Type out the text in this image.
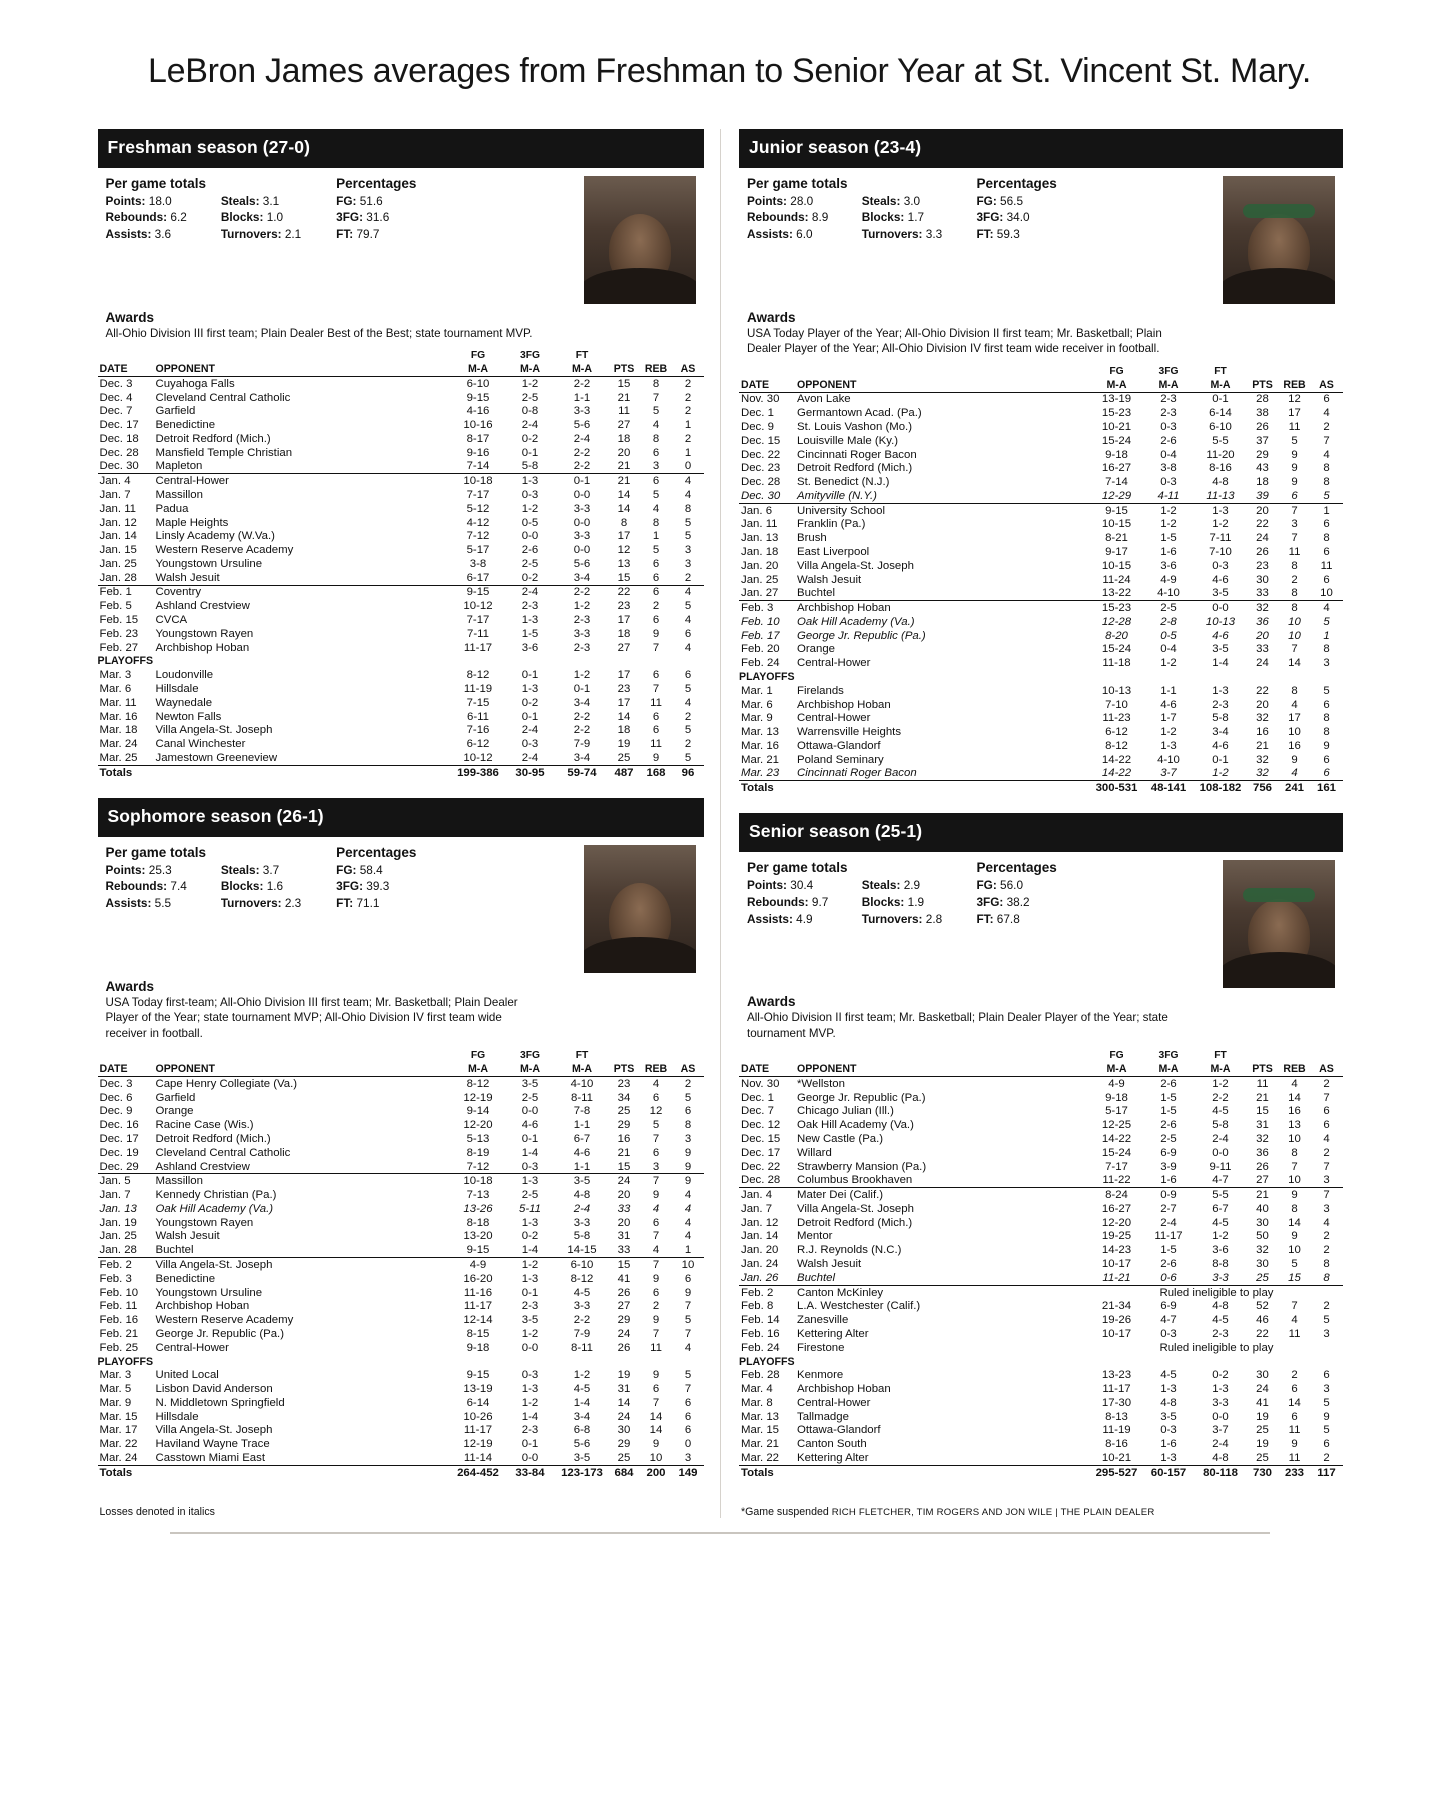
LeBron James averages from Freshman to Senior Year at St. Vincent St. Mary.
Freshman season (27-0)
Per game totals
Points: 18.0
Rebounds: 6.2
Assists: 3.6
Steals: 3.1
Blocks: 1.0
Turnovers: 2.1
Percentages
FG: 51.6
3FG: 31.6
FT: 79.7
Awards

All-Ohio Division III first team; Plain Dealer Best of the Best; state tournament MVP.

		FG	3FG	FT			
DATE	OPPONENT	M-A	M-A	M-A	PTS	REB	AS
Dec. 3	Cuyahoga Falls	6-10	1-2	2-2	15	8	2
Dec. 4	Cleveland Central Catholic	9-15	2-5	1-1	21	7	2
Dec. 7	Garfield	4-16	0-8	3-3	11	5	2
Dec. 17	Benedictine	10-16	2-4	5-6	27	4	1
Dec. 18	Detroit Redford (Mich.)	8-17	0-2	2-4	18	8	2
Dec. 28	Mansfield Temple Christian	9-16	0-1	2-2	20	6	1
Dec. 30	Mapleton	7-14	5-8	2-2	21	3	0
Jan. 4	Central-Hower	10-18	1-3	0-1	21	6	4
Jan. 7	Massillon	7-17	0-3	0-0	14	5	4
Jan. 11	Padua	5-12	1-2	3-3	14	4	8
Jan. 12	Maple Heights	4-12	0-5	0-0	8	8	5
Jan. 14	Linsly Academy (W.Va.)	7-12	0-0	3-3	17	1	5
Jan. 15	Western Reserve Academy	5-17	2-6	0-0	12	5	3
Jan. 25	Youngstown Ursuline	3-8	2-5	5-6	13	6	3
Jan. 28	Walsh Jesuit	6-17	0-2	3-4	15	6	2
Feb. 1	Coventry	9-15	2-4	2-2	22	6	4
Feb. 5	Ashland Crestview	10-12	2-3	1-2	23	2	5
Feb. 15	CVCA	7-17	1-3	2-3	17	6	4
Feb. 23	Youngstown Rayen	7-11	1-5	3-3	18	9	6
Feb. 27	Archbishop Hoban	11-17	3-6	2-3	27	7	4
PLAYOFFS							
Mar. 3	Loudonville	8-12	0-1	1-2	17	6	6
Mar. 6	Hillsdale	11-19	1-3	0-1	23	7	5
Mar. 11	Waynedale	7-15	0-2	3-4	17	11	4
Mar. 16	Newton Falls	6-11	0-1	2-2	14	6	2
Mar. 18	Villa Angela-St. Joseph	7-16	2-4	2-2	18	6	5
Mar. 24	Canal Winchester	6-12	0-3	7-9	19	11	2
Mar. 25	Jamestown Greeneview	10-12	2-4	3-4	25	9	5
Totals		199-386	30-95	59-74	487	168	96
Sophomore season (26-1)
Per game totals
Points: 25.3
Rebounds: 7.4
Assists: 5.5
Steals: 3.7
Blocks: 1.6
Turnovers: 2.3
Percentages
FG: 58.4
3FG: 39.3
FT: 71.1
Awards

USA Today first-team; All-Ohio Division III first team; Mr. Basketball; Plain Dealer Player of the Year; state tournament MVP; All-Ohio Division IV first team wide receiver in football.

		FG	3FG	FT			
DATE	OPPONENT	M-A	M-A	M-A	PTS	REB	AS
Dec. 3	Cape Henry Collegiate (Va.)	8-12	3-5	4-10	23	4	2
Dec. 6	Garfield	12-19	2-5	8-11	34	6	5
Dec. 9	Orange	9-14	0-0	7-8	25	12	6
Dec. 16	Racine Case (Wis.)	12-20	4-6	1-1	29	5	8
Dec. 17	Detroit Redford (Mich.)	5-13	0-1	6-7	16	7	3
Dec. 19	Cleveland Central Catholic	8-19	1-4	4-6	21	6	9
Dec. 29	Ashland Crestview	7-12	0-3	1-1	15	3	9
Jan. 5	Massillon	10-18	1-3	3-5	24	7	9
Jan. 7	Kennedy Christian (Pa.)	7-13	2-5	4-8	20	9	4
Jan. 13	Oak Hill Academy (Va.)	13-26	5-11	2-4	33	4	4
Jan. 19	Youngstown Rayen	8-18	1-3	3-3	20	6	4
Jan. 25	Walsh Jesuit	13-20	0-2	5-8	31	7	4
Jan. 28	Buchtel	9-15	1-4	14-15	33	4	1
Feb. 2	Villa Angela-St. Joseph	4-9	1-2	6-10	15	7	10
Feb. 3	Benedictine	16-20	1-3	8-12	41	9	6
Feb. 10	Youngstown Ursuline	11-16	0-1	4-5	26	6	9
Feb. 11	Archbishop Hoban	11-17	2-3	3-3	27	2	7
Feb. 16	Western Reserve Academy	12-14	3-5	2-2	29	9	5
Feb. 21	George Jr. Republic (Pa.)	8-15	1-2	7-9	24	7	7
Feb. 25	Central-Hower	9-18	0-0	8-11	26	11	4
PLAYOFFS							
Mar. 3	United Local	9-15	0-3	1-2	19	9	5
Mar. 5	Lisbon David Anderson	13-19	1-3	4-5	31	6	7
Mar. 9	N. Middletown Springfield	6-14	1-2	1-4	14	7	6
Mar. 15	Hillsdale	10-26	1-4	3-4	24	14	6
Mar. 17	Villa Angela-St. Joseph	11-17	2-3	6-8	30	14	6
Mar. 22	Haviland Wayne Trace	12-19	0-1	5-6	29	9	0
Mar. 24	Casstown Miami East	11-14	0-0	3-5	25	10	3
Totals		264-452	33-84	123-173	684	200	149
Losses denoted in italics
Junior season (23-4)
Per game totals
Points: 28.0
Rebounds: 8.9
Assists: 6.0
Steals: 3.0
Blocks: 1.7
Turnovers: 3.3
Percentages
FG: 56.5
3FG: 34.0
FT: 59.3
Awards

USA Today Player of the Year; All-Ohio Division II first team; Mr. Basketball; Plain Dealer Player of the Year; All-Ohio Division IV first team wide receiver in football.

		FG	3FG	FT			
DATE	OPPONENT	M-A	M-A	M-A	PTS	REB	AS
Nov. 30	Avon Lake	13-19	2-3	0-1	28	12	6
Dec. 1	Germantown Acad. (Pa.)	15-23	2-3	6-14	38	17	4
Dec. 9	St. Louis Vashon (Mo.)	10-21	0-3	6-10	26	11	2
Dec. 15	Louisville Male (Ky.)	15-24	2-6	5-5	37	5	7
Dec. 22	Cincinnati Roger Bacon	9-18	0-4	11-20	29	9	4
Dec. 23	Detroit Redford (Mich.)	16-27	3-8	8-16	43	9	8
Dec. 28	St. Benedict (N.J.)	7-14	0-3	4-8	18	9	8
Dec. 30	Amityville (N.Y.)	12-29	4-11	11-13	39	6	5
Jan. 6	University School	9-15	1-2	1-3	20	7	1
Jan. 11	Franklin (Pa.)	10-15	1-2	1-2	22	3	6
Jan. 13	Brush	8-21	1-5	7-11	24	7	8
Jan. 18	East Liverpool	9-17	1-6	7-10	26	11	6
Jan. 20	Villa Angela-St. Joseph	10-15	3-6	0-3	23	8	11
Jan. 25	Walsh Jesuit	11-24	4-9	4-6	30	2	6
Jan. 27	Buchtel	13-22	4-10	3-5	33	8	10
Feb. 3	Archbishop Hoban	15-23	2-5	0-0	32	8	4
Feb. 10	Oak Hill Academy (Va.)	12-28	2-8	10-13	36	10	5
Feb. 17	George Jr. Republic (Pa.)	8-20	0-5	4-6	20	10	1
Feb. 20	Orange	15-24	0-4	3-5	33	7	8
Feb. 24	Central-Hower	11-18	1-2	1-4	24	14	3
PLAYOFFS							
Mar. 1	Firelands	10-13	1-1	1-3	22	8	5
Mar. 6	Archbishop Hoban	7-10	4-6	2-3	20	4	6
Mar. 9	Central-Hower	11-23	1-7	5-8	32	17	8
Mar. 13	Warrensville Heights	6-12	1-2	3-4	16	10	8
Mar. 16	Ottawa-Glandorf	8-12	1-3	4-6	21	16	9
Mar. 21	Poland Seminary	14-22	4-10	0-1	32	9	6
Mar. 23	Cincinnati Roger Bacon	14-22	3-7	1-2	32	4	6
Totals		300-531	48-141	108-182	756	241	161
Senior season (25-1)
Per game totals
Points: 30.4
Rebounds: 9.7
Assists: 4.9
Steals: 2.9
Blocks: 1.9
Turnovers: 2.8
Percentages
FG: 56.0
3FG: 38.2
FT: 67.8
Awards

All-Ohio Division II first team; Mr. Basketball; Plain Dealer Player of the Year; state tournament MVP.

		FG	3FG	FT			
DATE	OPPONENT	M-A	M-A	M-A	PTS	REB	AS
Nov. 30	*Wellston	4-9	2-6	1-2	11	4	2
Dec. 1	George Jr. Republic (Pa.)	9-18	1-5	2-2	21	14	7
Dec. 7	Chicago Julian (Ill.)	5-17	1-5	4-5	15	16	6
Dec. 12	Oak Hill Academy (Va.)	12-25	2-6	5-8	31	13	6
Dec. 15	New Castle (Pa.)	14-22	2-5	2-4	32	10	4
Dec. 17	Willard	15-24	6-9	0-0	36	8	2
Dec. 22	Strawberry Mansion (Pa.)	7-17	3-9	9-11	26	7	7
Dec. 28	Columbus Brookhaven	11-22	1-6	4-7	27	10	3
Jan. 4	Mater Dei (Calif.)	8-24	0-9	5-5	21	9	7
Jan. 7	Villa Angela-St. Joseph	16-27	2-7	6-7	40	8	3
Jan. 12	Detroit Redford (Mich.)	12-20	2-4	4-5	30	14	4
Jan. 14	Mentor	19-25	11-17	1-2	50	9	2
Jan. 20	R.J. Reynolds (N.C.)	14-23	1-5	3-6	32	10	2
Jan. 24	Walsh Jesuit	10-17	2-6	8-8	30	5	8
Jan. 26	Buchtel	11-21	0-6	3-3	25	15	8
Feb. 2	Canton McKinley	Ruled ineligible to play					
Feb. 8	L.A. Westchester (Calif.)	21-34	6-9	4-8	52	7	2
Feb. 14	Zanesville	19-26	4-7	4-5	46	4	5
Feb. 16	Kettering Alter	10-17	0-3	2-3	22	11	3
Feb. 24	Firestone	Ruled ineligible to play					
PLAYOFFS							
Feb. 28	Kenmore	13-23	4-5	0-2	30	2	6
Mar. 4	Archbishop Hoban	11-17	1-3	1-3	24	6	3
Mar. 8	Central-Hower	17-30	4-8	3-3	41	14	5
Mar. 13	Tallmadge	8-13	3-5	0-0	19	6	9
Mar. 15	Ottawa-Glandorf	11-19	0-3	3-7	25	11	5
Mar. 21	Canton South	8-16	1-6	2-4	19	9	6
Mar. 22	Kettering Alter	10-21	1-3	4-8	25	11	2
Totals		295-527	60-157	80-118	730	233	117
*Game suspended RICH FLETCHER, TIM ROGERS AND JON WILE | THE PLAIN DEALER
